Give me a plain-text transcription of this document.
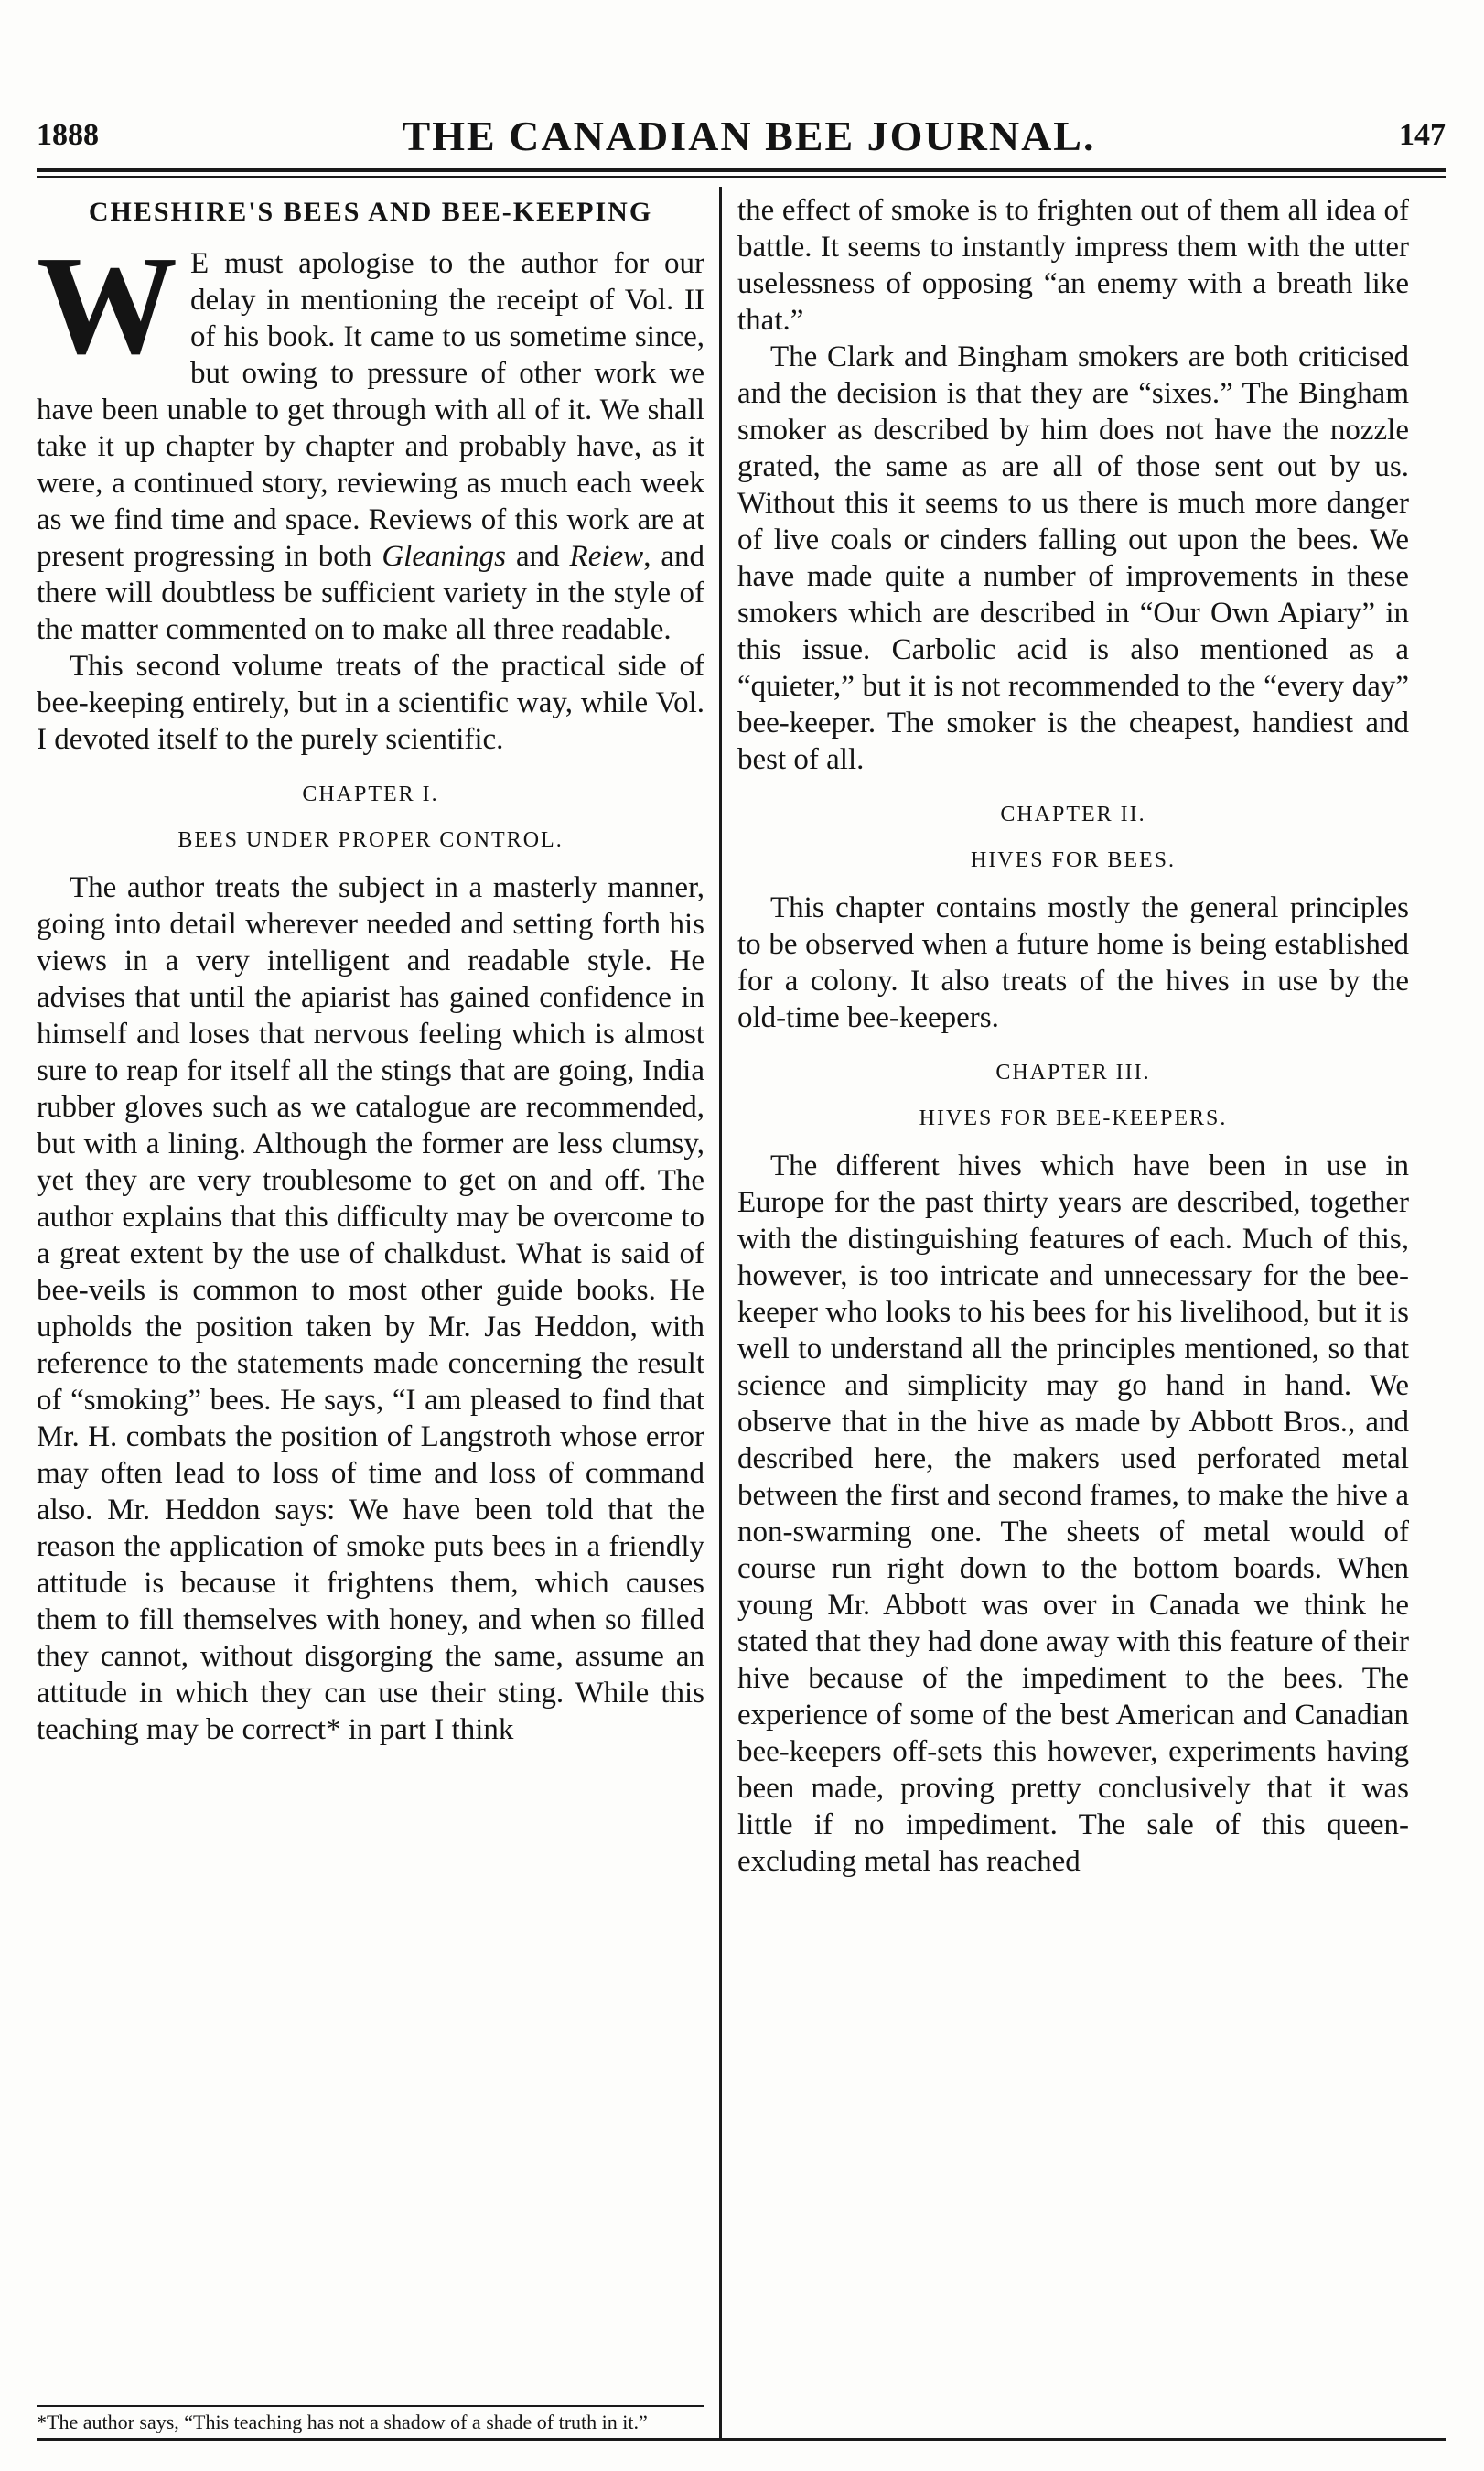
1888	THE CANADIAN BEE JOURNAL.	147
CHESHIRE'S BEES AND BEE-KEEPING

W E must apologise to the author for our delay in mentioning the receipt of Vol. II of his book. It came to us sometime since, but owing to pressure of other work we have been unable to get through with all of it. We shall take it up chapter by chapter and probably have, as it were, a continued story, reviewing as much each week as we find time and space. Reviews of this work are at present progressing in both Gleanings and Reiew, and there will doubtless be sufficient variety in the style of the matter commented on to make all three readable.

This second volume treats of the practical side of bee-keeping entirely, but in a scientific way, while Vol. I devoted itself to the purely scientific.

CHAPTER I.
BEES UNDER PROPER CONTROL.

The author treats the subject in a masterly manner, going into detail wherever needed and setting forth his views in a very intelligent and readable style. He advises that until the apiarist has gained confidence in himself and loses that nervous feeling which is almost sure to reap for itself all the stings that are going, India rubber gloves such as we catalogue are recommended, but with a lining. Although the former are less clumsy, yet they are very troublesome to get on and off. The author explains that this difficulty may be overcome to a great extent by the use of chalkdust. What is said of bee-veils is common to most other guide books. He upholds the position taken by Mr. Jas Heddon, with reference to the statements made concerning the result of “smoking” bees. He says, “I am pleased to find that Mr. H. combats the position of Langstroth whose error may often lead to loss of time and loss of command also. Mr. Heddon says: We have been told that the reason the application of smoke puts bees in a friendly attitude is because it frightens them, which causes them to fill themselves with honey, and when so filled they cannot, without disgorging the same, assume an attitude in which they can use their sting. While this teaching may be correct* in part I think

*The author says, “This teaching has not a shadow of a shade of truth in it.”

the effect of smoke is to frighten out of them all idea of battle. It seems to instantly impress them with the utter uselessness of opposing “an enemy with a breath like that.”

The Clark and Bingham smokers are both criticised and the decision is that they are “sixes.” The Bingham smoker as described by him does not have the nozzle grated, the same as are all of those sent out by us. Without this it seems to us there is much more danger of live coals or cinders falling out upon the bees. We have made quite a number of improvements in these smokers which are described in “Our Own Apiary” in this issue. Carbolic acid is also mentioned as a “quieter,” but it is not recommended to the “every day” bee-keeper. The smoker is the cheapest, handiest and best of all.

CHAPTER II.
HIVES FOR BEES.

This chapter contains mostly the general principles to be observed when a future home is being established for a colony. It also treats of the hives in use by the old-time bee-keepers.

CHAPTER III.
HIVES FOR BEE-KEEPERS.

The different hives which have been in use in Europe for the past thirty years are described, together with the distinguishing features of each. Much of this, however, is too intricate and unnecessary for the bee-keeper who looks to his bees for his livelihood, but it is well to understand all the principles mentioned, so that science and simplicity may go hand in hand. We observe that in the hive as made by Abbott Bros., and described here, the makers used perforated metal between the first and second frames, to make the hive a non-swarming one. The sheets of metal would of course run right down to the bottom boards. When young Mr. Abbott was over in Canada we think he stated that they had done away with this feature of their hive because of the impediment to the bees. The experience of some of the best American and Canadian bee-keepers off-sets this however, experiments having been made, proving pretty conclusively that it was little if no impediment. The sale of this queen-excluding metal has reached
